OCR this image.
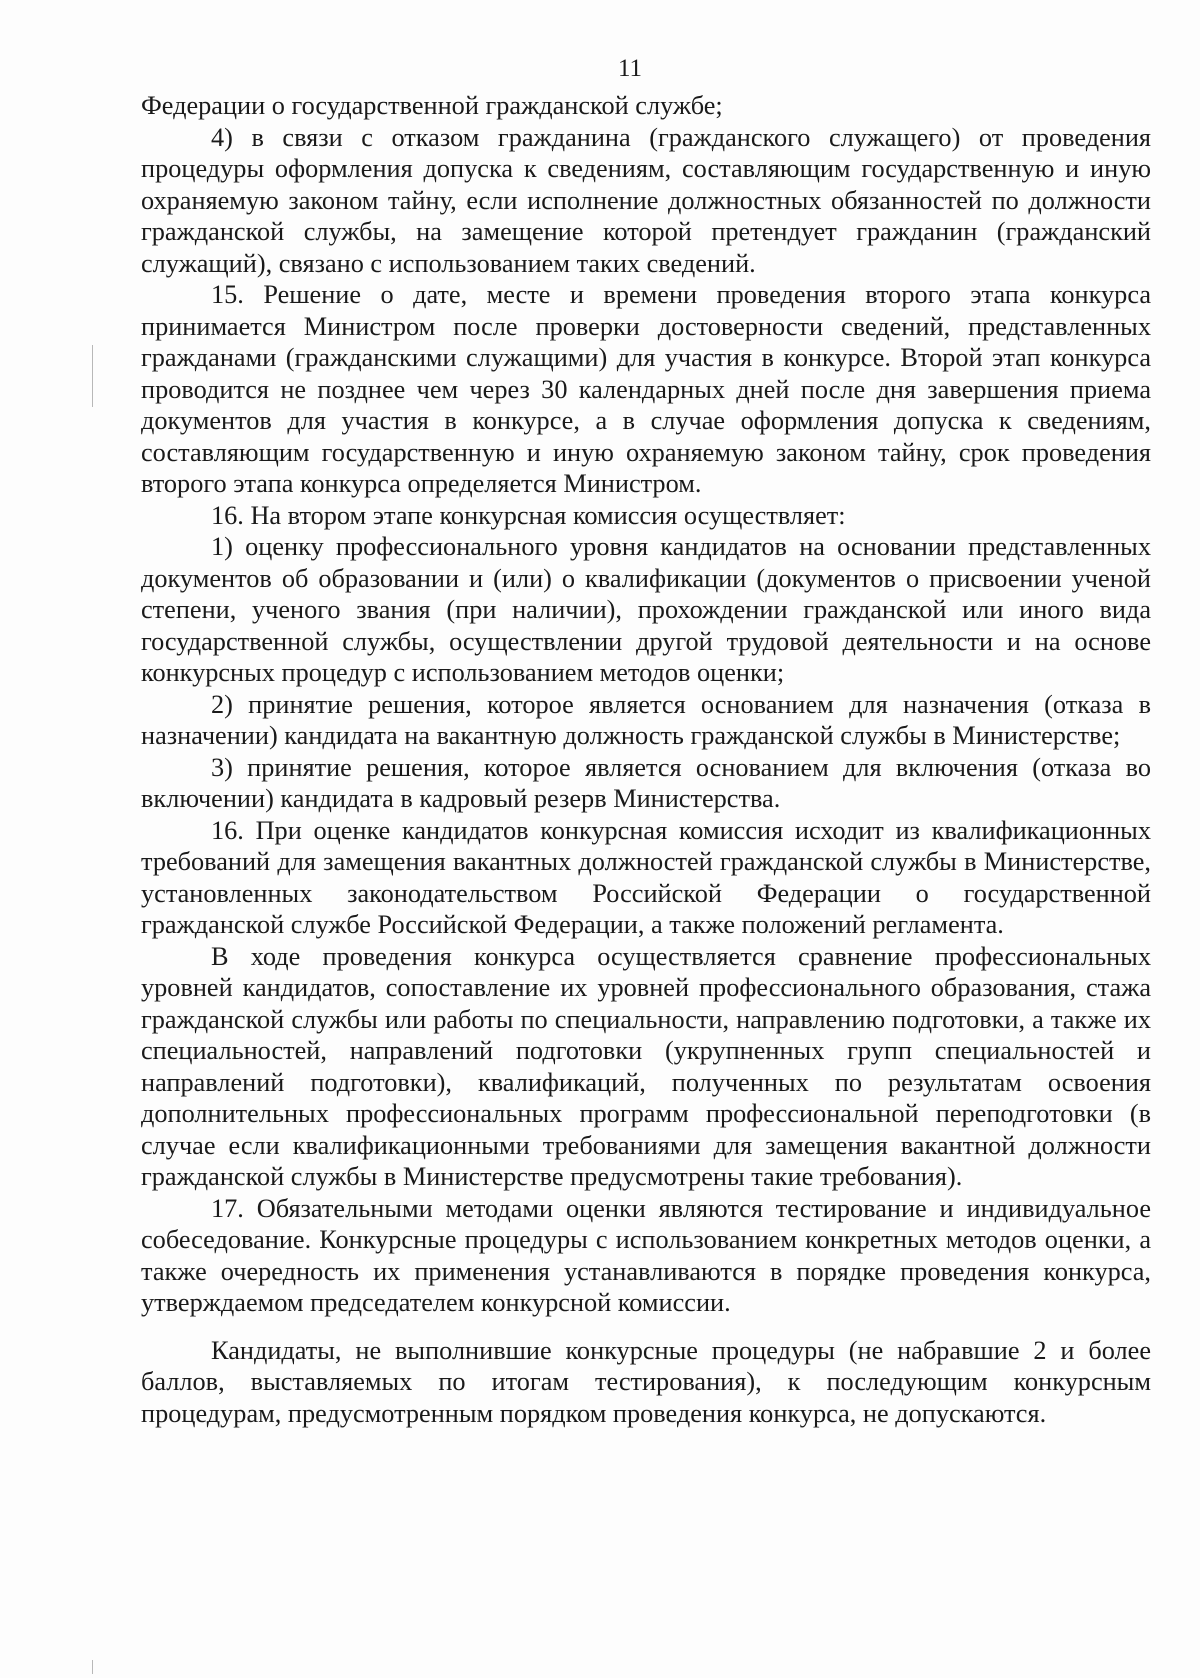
11

Федерации о государственной гражданской службе;

4) в связи с отказом гражданина (гражданского служащего) от проведения процедуры оформления допуска к сведениям, составляющим государственную и иную охраняемую законом тайну, если исполнение должностных обязанностей по должности гражданской службы, на замещение которой претендует гражданин (гражданский служащий), связано с использованием таких сведений.

15. Решение о дате, месте и времени проведения второго этапа конкурса принимается Министром после проверки достоверности сведений, представленных гражданами (гражданскими служащими) для участия в конкурсе. Второй этап конкурса проводится не позднее чем через 30 календарных дней после дня завершения приема документов для участия в конкурсе, а в случае оформления допуска к сведениям, составляющим государственную и иную охраняемую законом тайну, срок проведения второго этапа конкурса определяется Министром.

16. На втором этапе конкурсная комиссия осуществляет:

1) оценку профессионального уровня кандидатов на основании представленных документов об образовании и (или) о квалификации (документов о присвоении ученой степени, ученого звания (при наличии), прохождении гражданской или иного вида государственной службы, осуществлении другой трудовой деятельности и на основе конкурсных процедур с использованием методов оценки;

2) принятие решения, которое является основанием для назначения (отказа в назначении) кандидата на вакантную должность гражданской службы в Министерстве;

3) принятие решения, которое является основанием для включения (отказа во включении) кандидата в кадровый резерв Министерства.

16. При оценке кандидатов конкурсная комиссия исходит из квалификационных требований для замещения вакантных должностей гражданской службы в Министерстве, установленных законодательством Российской Федерации о государственной гражданской службе Российской Федерации, а также положений регламента.

В ходе проведения конкурса осуществляется сравнение профессиональных уровней кандидатов, сопоставление их уровней профессионального образования, стажа гражданской службы или работы по специальности, направлению подготовки, а также их специальностей, направлений подготовки (укрупненных групп специальностей и направлений подготовки), квалификаций, полученных по результатам освоения дополнительных профессиональных программ профессиональной переподготовки (в случае если квалификационными требованиями для замещения вакантной должности гражданской службы в Министерстве предусмотрены такие требования).

17. Обязательными методами оценки являются тестирование и индивидуальное собеседование. Конкурсные процедуры с использованием конкретных методов оценки, а также очередность их применения устанавливаются в порядке проведения конкурса, утверждаемом председателем конкурсной комиссии.

Кандидаты, не выполнившие конкурсные процедуры (не набравшие 2 и более баллов, выставляемых по итогам тестирования), к последующим конкурсным процедурам, предусмотренным порядком проведения конкурса, не допускаются.
